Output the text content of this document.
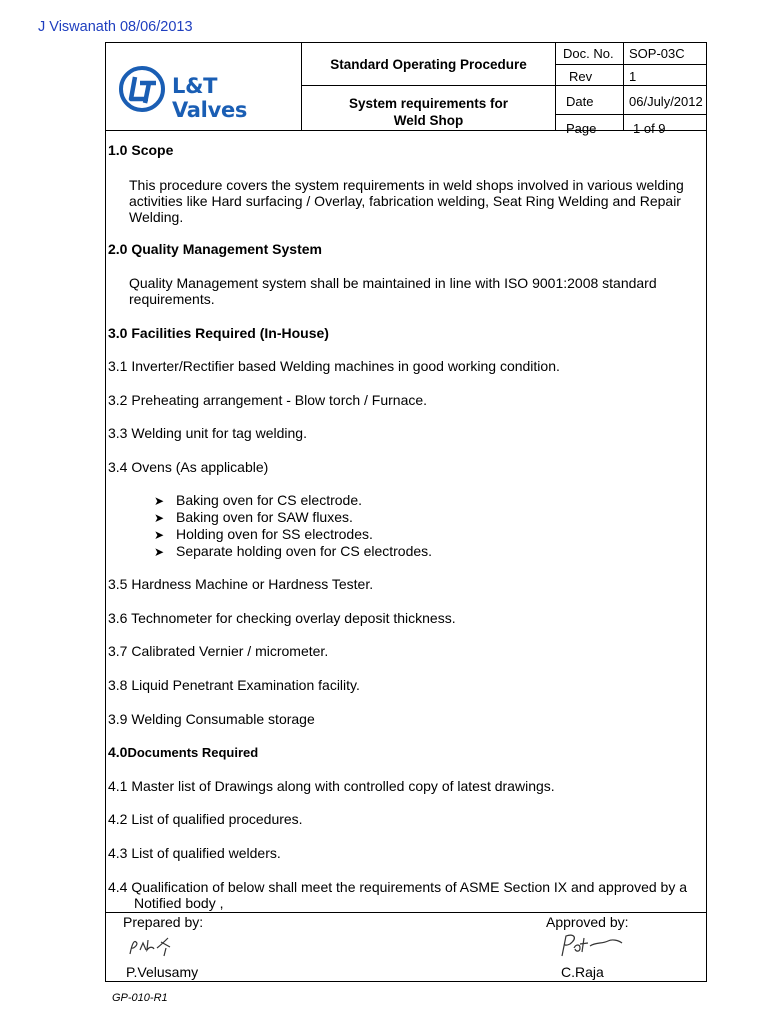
J Viswanath 08/06/2013
L&T Valves
Standard Operating Procedure
System requirements for
Weld Shop
Doc. No. SOP-03C
Rev	1
Date	06/July/2012
Page	1 of 9
1.0 Scope
This procedure covers the system requirements in weld shops involved in various welding
activities like Hard surfacing / Overlay, fabrication welding, Seat Ring Welding and Repair
Welding.
2.0 Quality Management System
Quality Management system shall be maintained in line with ISO 9001:2008 standard
requirements.
3.0 Facilities Required (In-House)
3.1 Inverter/Rectifier based Welding machines in good working condition.
3.2 Preheating arrangement - Blow torch / Furnace.
3.3 Welding unit for tag welding.
3.4 Ovens (As applicable)
➤ Baking oven for CS electrode.
➤ Baking oven for SAW fluxes.
➤ Holding oven for SS electrodes.
➤ Separate holding oven for CS electrodes.
3.5 Hardness Machine or Hardness Tester.
3.6 Technometer for checking overlay deposit thickness.
3.7 Calibrated Vernier / micrometer.
3.8 Liquid Penetrant Examination facility.
3.9 Welding Consumable storage
4.0Documents Required
4.1 Master list of Drawings along with controlled copy of latest drawings.
4.2 List of qualified procedures.
4.3 List of qualified welders.
4.4 Qualification of below shall meet the requirements of ASME Section IX and approved by a
Notified body ,
Prepared by:	Approved by:
P.Velusamy	C.Raja
GP-010-R1
